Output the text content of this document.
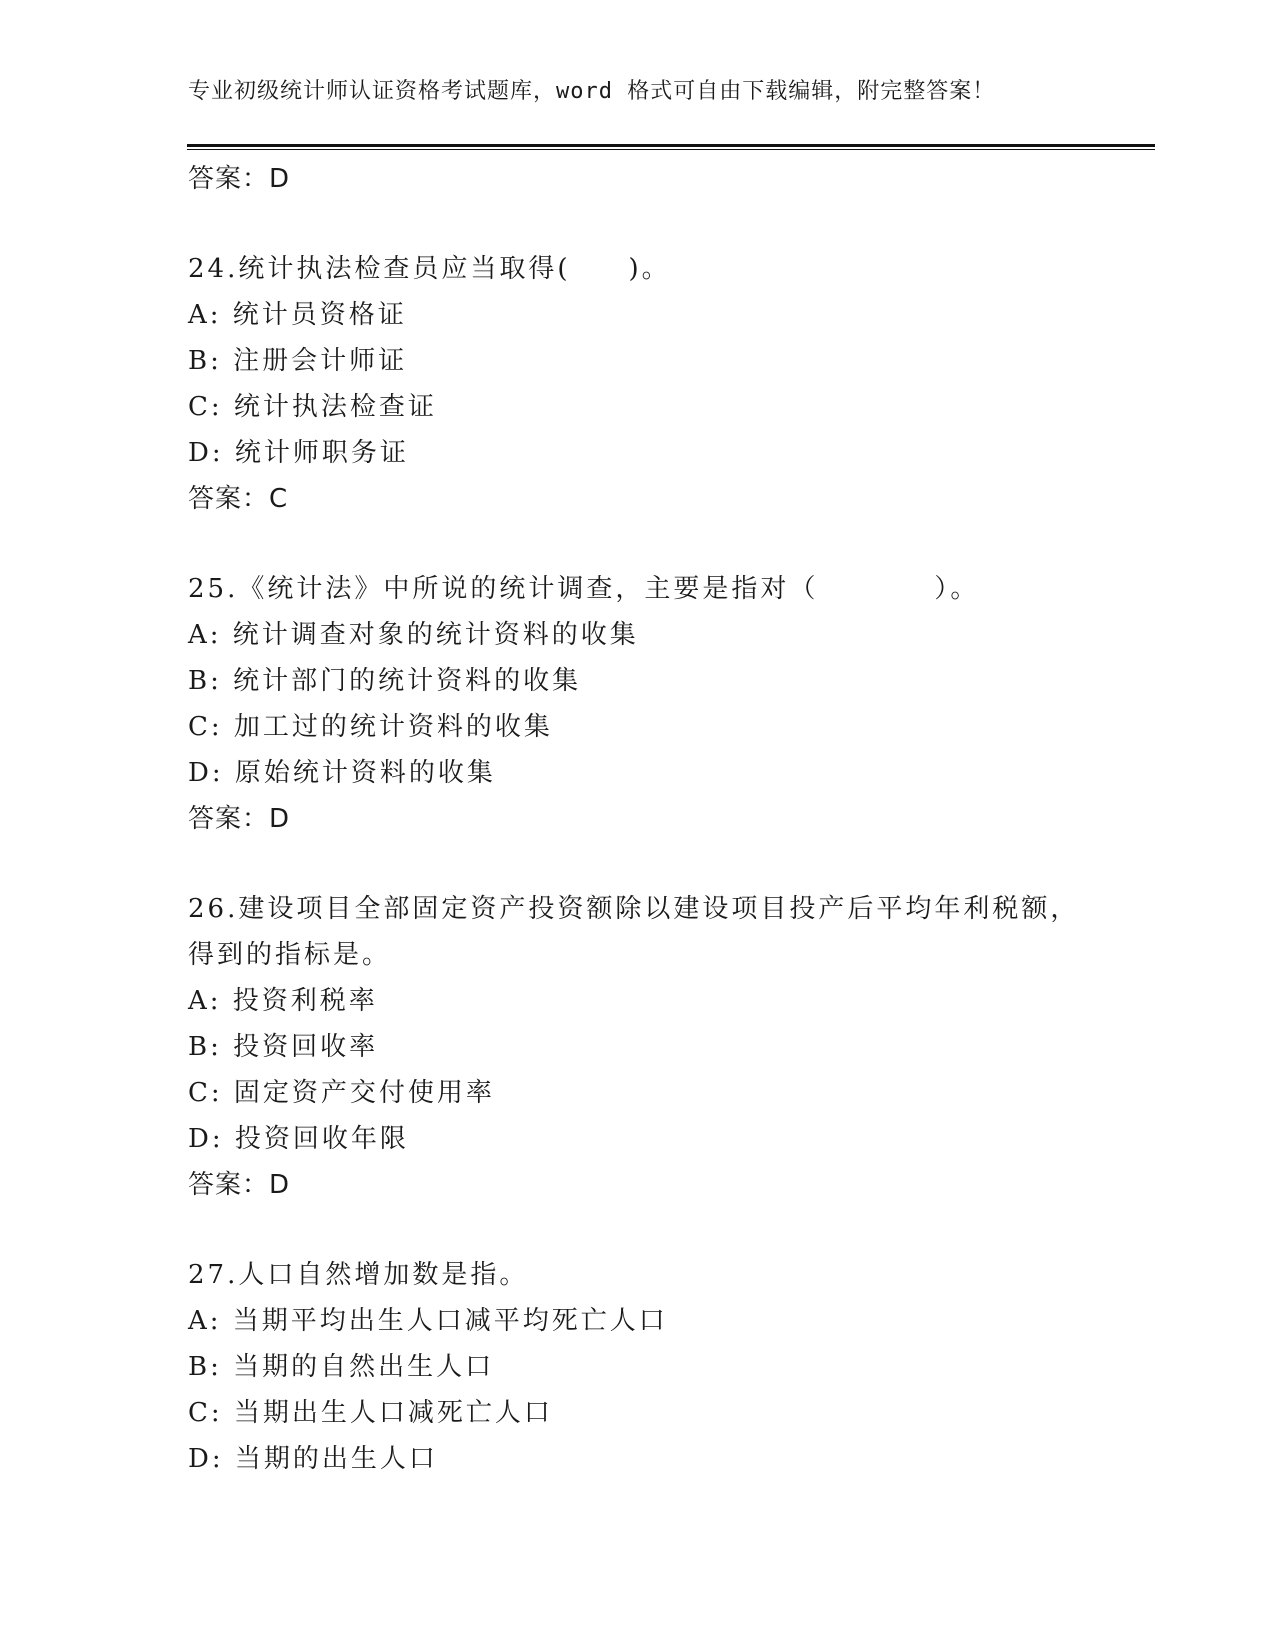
专业初级统计师认证资格考试题库，word 格式可自由下载编辑，附完整答案！
答案：D
24.统计执法检查员应当取得(　　)。
A: 统计员资格证
B: 注册会计师证
C: 统计执法检查证
D: 统计师职务证
答案：C
25.《统计法》中所说的统计调查，主要是指对（　　　　）。
A: 统计调查对象的统计资料的收集
B: 统计部门的统计资料的收集
C: 加工过的统计资料的收集
D: 原始统计资料的收集
答案：D
26.建设项目全部固定资产投资额除以建设项目投产后平均年利税额，
得到的指标是。
A: 投资利税率
B: 投资回收率
C: 固定资产交付使用率
D: 投资回收年限
答案：D
27.人口自然增加数是指。
A: 当期平均出生人口减平均死亡人口
B: 当期的自然出生人口
C: 当期出生人口减死亡人口
D: 当期的出生人口
